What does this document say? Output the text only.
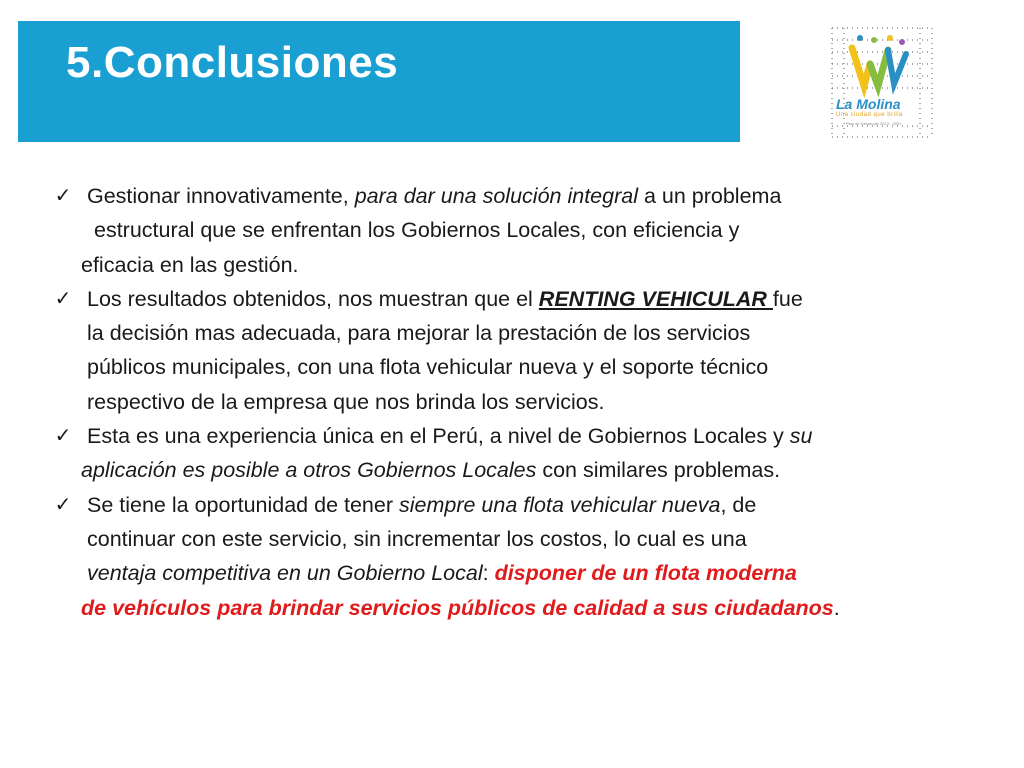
5.Conclusiones
La Molina
Una ciudad que brilla
Plan de Desarrollo 2013 - 2021
✓ Gestionar innovativamente, para dar una solución integral a un problema
estructural que se enfrentan los Gobiernos Locales, con eficiencia y
eficacia en las gestión.
✓ Los resultados obtenidos, nos muestran que el RENTING VEHICULAR fue
la decisión mas adecuada, para mejorar la prestación de los servicios
públicos municipales, con una flota vehicular nueva y el soporte técnico
respectivo de la empresa que nos brinda los servicios.
✓ Esta es una experiencia única en el Perú, a nivel de Gobiernos Locales y su
aplicación es posible a otros Gobiernos Locales con similares problemas.
✓ Se tiene la oportunidad de tener siempre una flota vehicular nueva, de
continuar con este servicio, sin incrementar los costos, lo cual es una
ventaja competitiva en un Gobierno Local: disponer de un flota moderna
de vehículos para brindar servicios públicos de calidad a sus ciudadanos.
